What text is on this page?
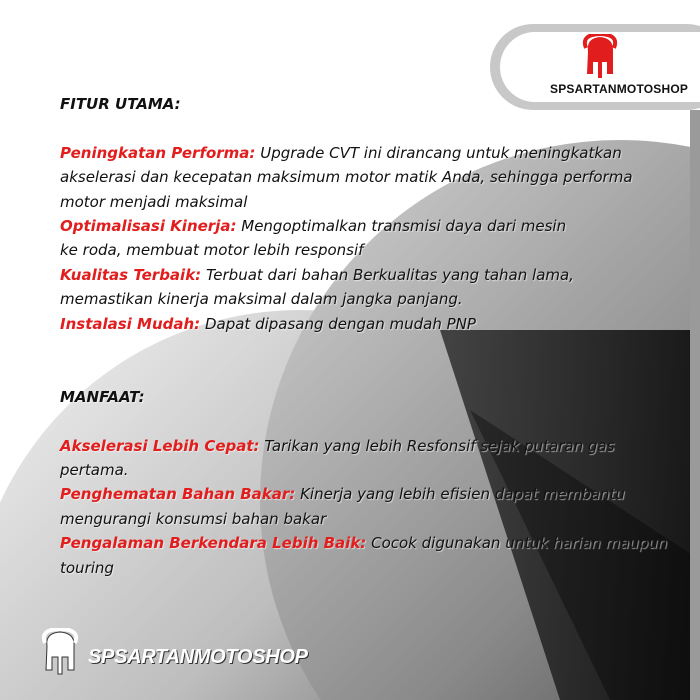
SPSARTANMOTOSHOP

FITUR UTAMA:

Peningkatan Performa: Upgrade CVT ini dirancang untuk meningkatkan
akselerasi dan kecepatan maksimum motor matik Anda, sehingga performa
motor menjadi maksimal

Optimalisasi Kinerja: Mengoptimalkan transmisi daya dari mesin
ke roda, membuat motor lebih responsif

Kualitas Terbaik: Terbuat dari bahan Berkualitas yang tahan lama,
memastikan kinerja maksimal dalam jangka panjang.

Instalasi Mudah: Dapat dipasang dengan mudah PNP

MANFAAT:

Akselerasi Lebih Cepat: Tarikan yang lebih Resfonsif sejak putaran gas pertama.

Penghematan Bahan Bakar: Kinerja yang lebih efisien dapat membantu
mengurangi konsumsi bahan bakar

Pengalaman Berkendara Lebih Baik: Cocok digunakan untuk harian maupun touring

SPSARTANMOTOSHOP
